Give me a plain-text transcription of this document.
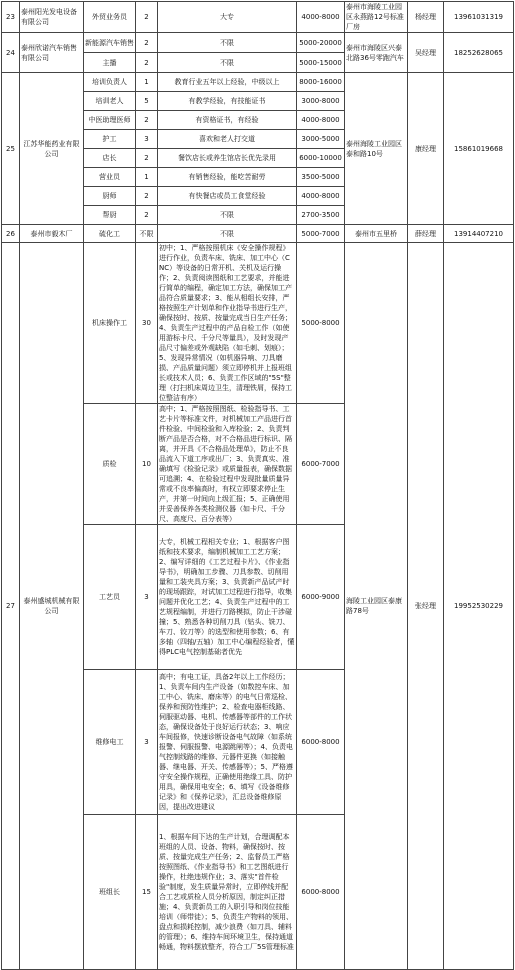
23	泰州阳光发电设备有限公司	外贸业务员	2	大专	4000-8000	泰州市海陵工业园区永燕路12号标准厂房	杨经理	13961031319
24	泰州欣诺汽车销售有限公司	新能源汽车销售	2	不限	5000-20000	泰州市海陵区兴泰北路36号零跑汽车	吴经理	18252628065
		主播	2	不限	5000-15000			
25	江苏华能药业有限公司	培训负责人	1	教育行业五年以上经验，中级以上	8000-16000	泰州海陵工业园区泰和路10号	康经理	15861019668
		培训老人	5	有教学经验，有技能证书	3000-8000			
		中医助理医师	2	有资格证书，有经验	4000-8000			
		护工	3	喜欢和老人打交道	3000-5000			
		店长	2	餐饮店长或养生馆店长优先录用	6000-10000			
		营业员	1	有销售经验，能吃苦耐劳	3500-5000			
		厨师	2	有快餐店或员工食堂经验	4000-8000			
		帮厨	2	不限	2700-3500			
26	泰州市毅木厂	硫化工	不限	不限	5000-7000	泰州市五里桥	薛经理	13914407210
27	泰州盛城机械有限公司	机床操作工	30	初中；1、严格按照机床《安全操作规程》进行作业，负责车床、铣床、加工中心（CNC）等设备的日常开机、关机及运行操作；2、负责阅读图纸和工艺要求，并能进行简单的编程，确定加工方法，确保加工产品符合质量要求；3、能从相组长安排，严格按照生产计划单和作业指导书进行生产，确保按时、按质、按量完成当日生产任务；4、负责生产过程中的产品自检工作（如使用游标卡尺、千分尺等量具），及时发现产品尺寸偏差或外观缺陷（如毛刺、划痕）；5、发现异常情况（如机器异响、刀具磨损、产品质量问题）须立即停机并上报班组长或技术人员；6、负责工作区域的"5S"整理（打扫机床周边卫生，清理铁屑，保持工位整洁有序）	5000-8000	海陵工业园区泰康路78号	张经理	19952530229
		质检	10	高中；1、严格按照图纸、检验指导书、工艺卡片等标准文件，对机械加工产品进行首件检验、中间检验和入库检验；2、负责判断产品是否合格，对不合格品进行标识、隔离，并开具《不合格品处理单》，防止不良品流入下道工序或出厂；3、负责真实、准确填写《检验记录》或质量报表，确保数据可追溯；4、在检验过程中发现批量质量异常或不良率偏高时，有权立即要求停止生产，并第一时间向上级汇报；5、正确使用并妥善保养各类检测仪器（如卡尺、千分尺、高度尺、百分表等）	6000-7000			
		工艺员	3	大专，机械工程相关专业；1、根据客户图纸和技术要求，编制机械加工工艺方案；2、编写详细的《工艺过程卡片》、《作业指导书》，明确加工步骤、刀具参数、切削用量和工装夹具方案；3、负责新产品试产时的现场跟踪，对试加工过程进行指导，收集问题并优化工艺；4、负责生产过程中的工艺规程编制，并进行刀路模拟，防止干涉碰撞；5、熟悉各种切削刀具（钻头、铣刀、车刀、铰刀等）的选型和使用参数；6、有多轴（四轴/五轴）加工中心编程经验者，懂得PLC电气控制基础者优先	6000-9000			
		维修电工	3	高中；有电工证，具备2年以上工作经历；1、负责车间内生产设备（如数控车床、加工中心、铣床、磨床等）的电气日常巡检、保养和预防性维护；2、检查电器柜线路、伺服驱动器、电机、传感器等部件的工作状态，确保设备处于良好运行状态；3、响应车间报修，快速诊断设备电气故障（如系统报警、伺服报警、电源跳闸等）；4、负责电气控制线路的维修、元器件更换（如接触器、继电器、开关、传感器等）；5、严格遵守安全操作规程，正确使用绝缘工具、防护用具，确保用电安全；6、填写《设备维修记录》和《保养记录》，汇总设备维修原因，提出改进建议	6000-8000			
		班组长	15	1、根据车间下达的生产计划，合理调配本班组的人员、设备、物料，确保按时、按质、按量完成生产任务；2、监督员工严格按照图纸、《作业指导书》和工艺图纸进行操作，杜绝违规作业；3、落实"首件检验"制度，发生质量异常时，立即停线并配合工艺或质检人员分析原因，制定纠正措施；4、负责新员工的入职引导和岗位技能培训（师带徒）；5、负责生产物料的领用、盘点和损耗控制，减少浪费（如刀具、辅料的管理）；6、维持车间环境卫生，保持通道畅通，物料摆放整齐，符合工厂5S管理标准	6000-8000			
